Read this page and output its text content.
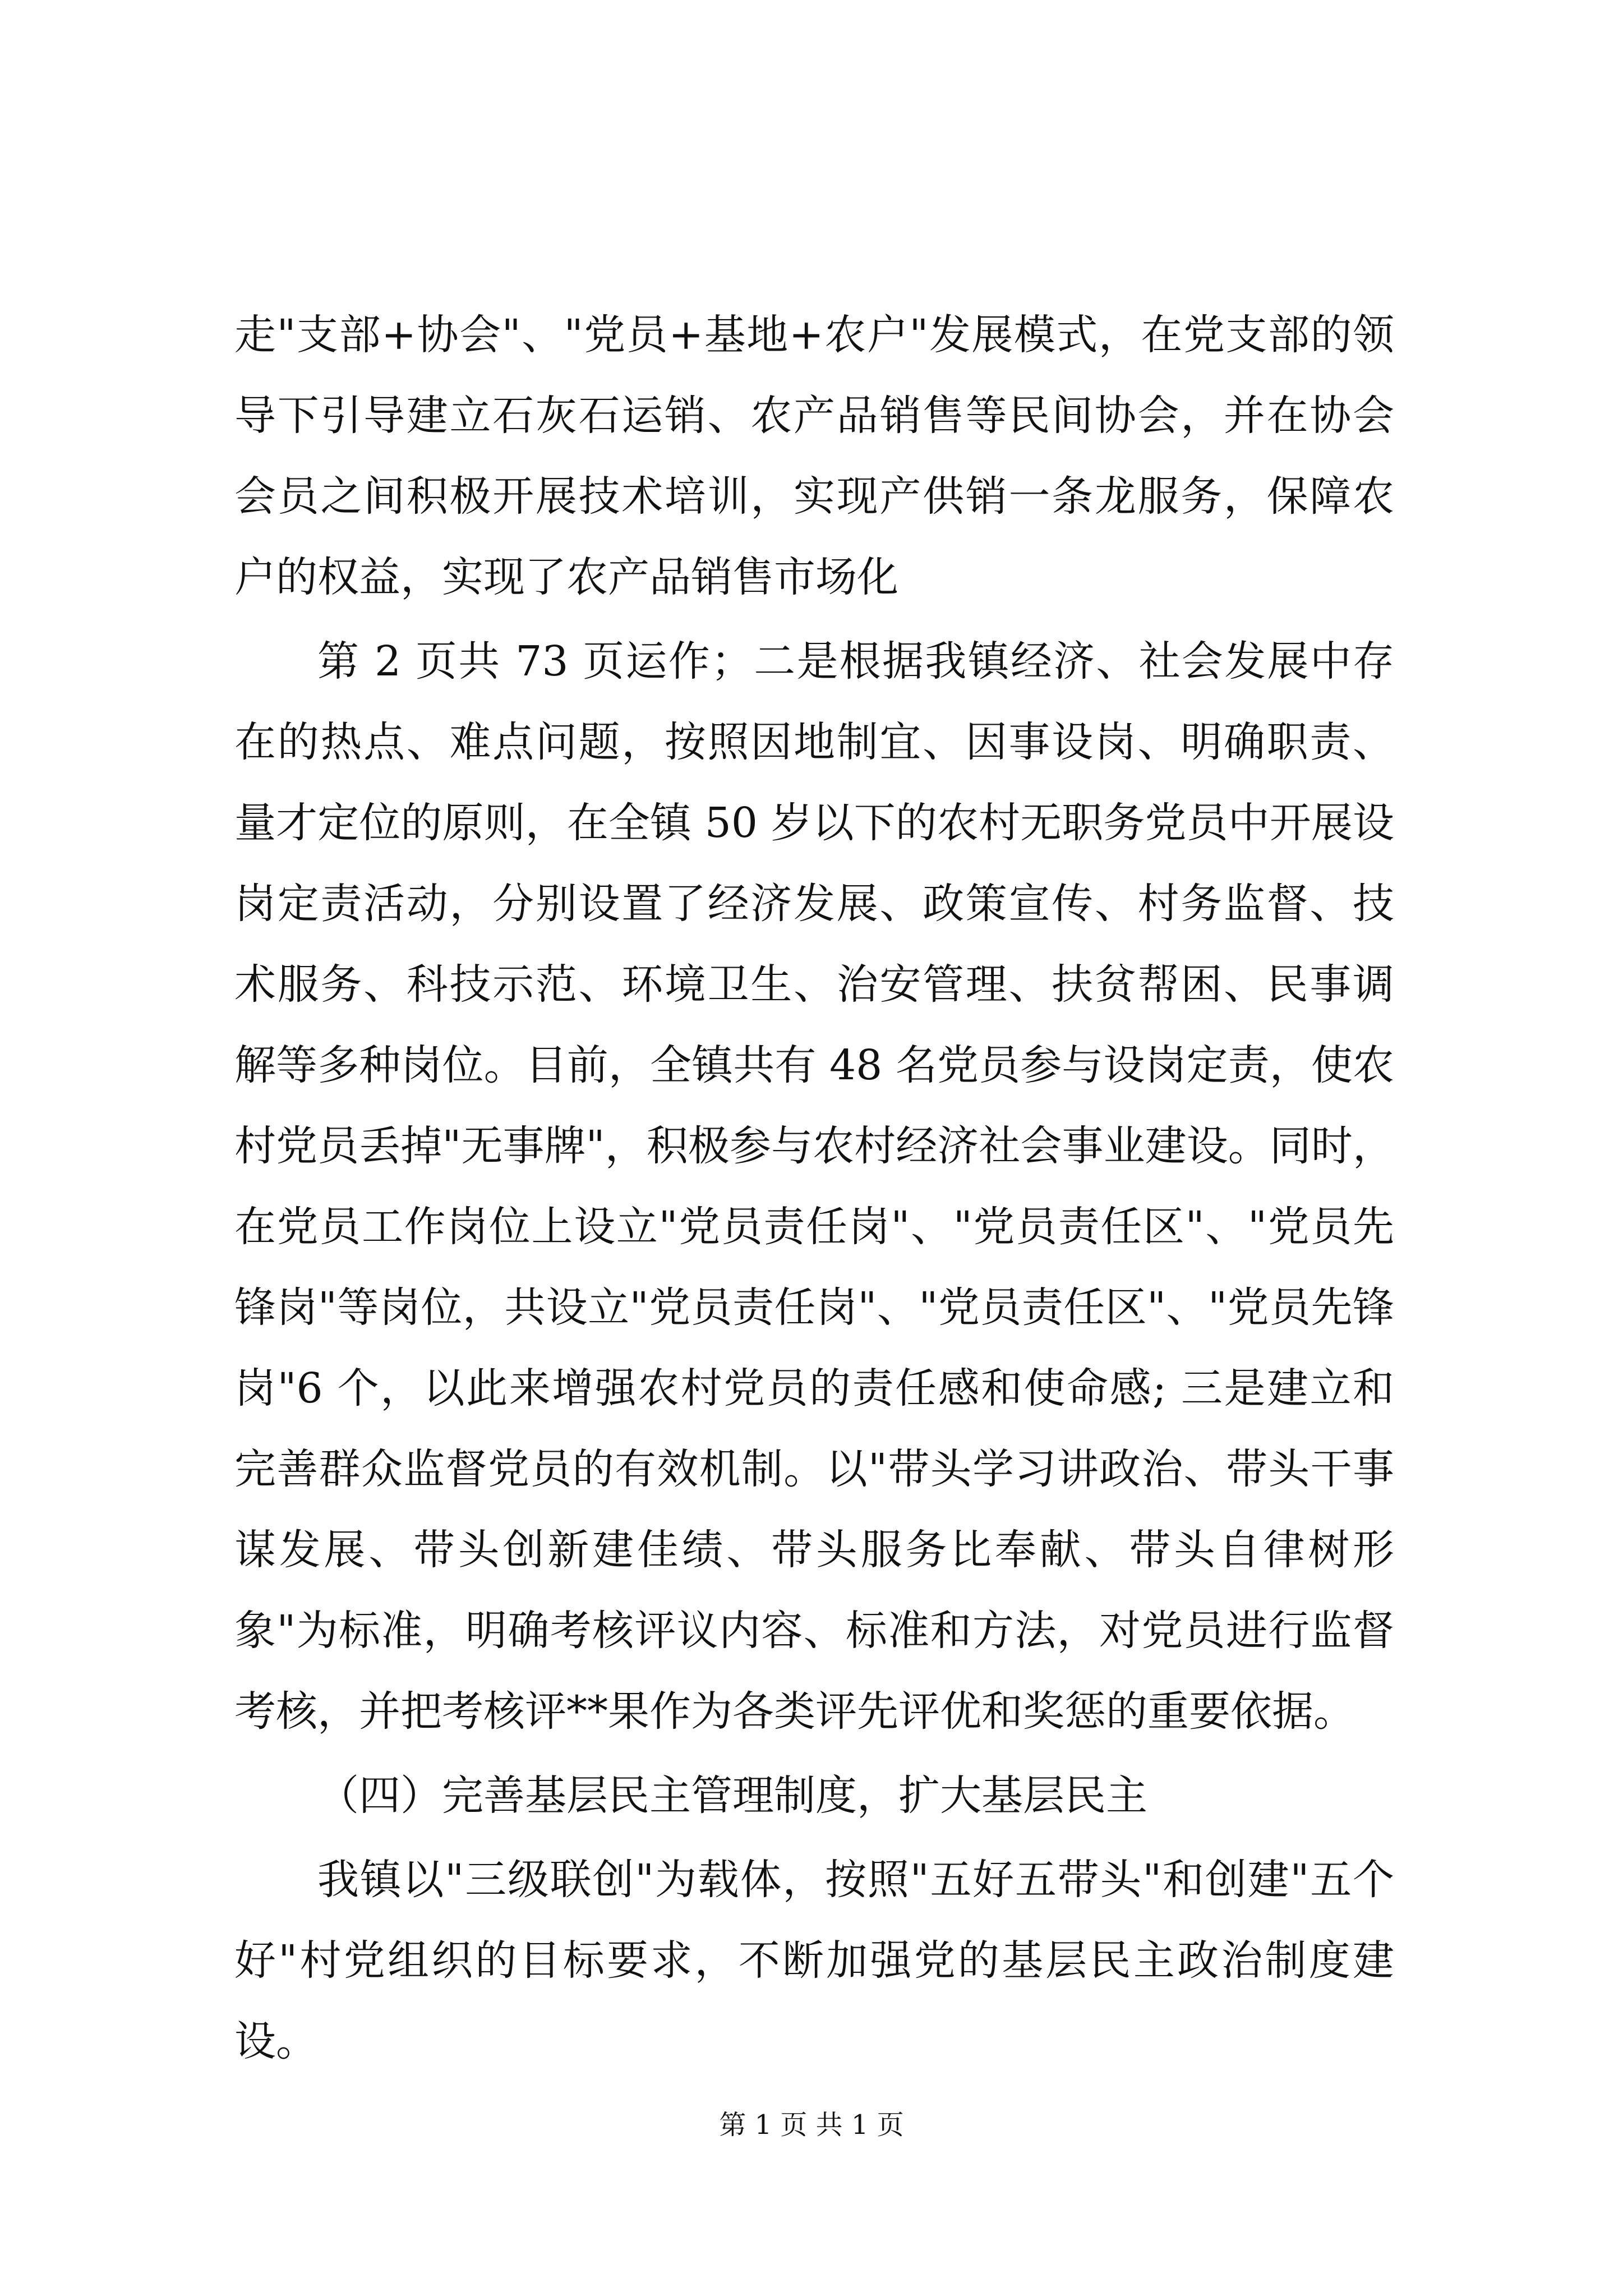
走"支部+协会"、"党员+基地+农户"发展模式，在党支部的领导下引导建立石灰石运销、农产品销售等民间协会，并在协会会员之间积极开展技术培训，实现产供销一条龙服务，保障农户的权益，实现了农产品销售市场化

第 2 页共 73 页运作；二是根据我镇经济、社会发展中存在的热点、难点问题，按照因地制宜、因事设岗、明确职责、量才定位的原则，在全镇 50 岁以下的农村无职务党员中开展设岗定责活动，分别设置了经济发展、政策宣传、村务监督、技术服务、科技示范、环境卫生、治安管理、扶贫帮困、民事调解等多种岗位。目前，全镇共有 48 名党员参与设岗定责，使农村党员丢掉"无事牌"，积极参与农村经济社会事业建设。同时，在党员工作岗位上设立"党员责任岗"、"党员责任区"、"党员先锋岗"等岗位，共设立"党员责任岗"、"党员责任区"、"党员先锋岗"6 个，以此来增强农村党员的责任感和使命感; 三是建立和完善群众监督党员的有效机制。以"带头学习讲政治、带头干事谋发展、带头创新建佳绩、带头服务比奉献、带头自律树形象"为标准，明确考核评议内容、标准和方法，对党员进行监督考核，并把考核评**果作为各类评先评优和奖惩的重要依据。

（四）完善基层民主管理制度，扩大基层民主

我镇以"三级联创"为载体，按照"五好五带头"和创建"五个好"村党组织的目标要求，不断加强党的基层民主政治制度建设。

第 1 页 共 1 页
